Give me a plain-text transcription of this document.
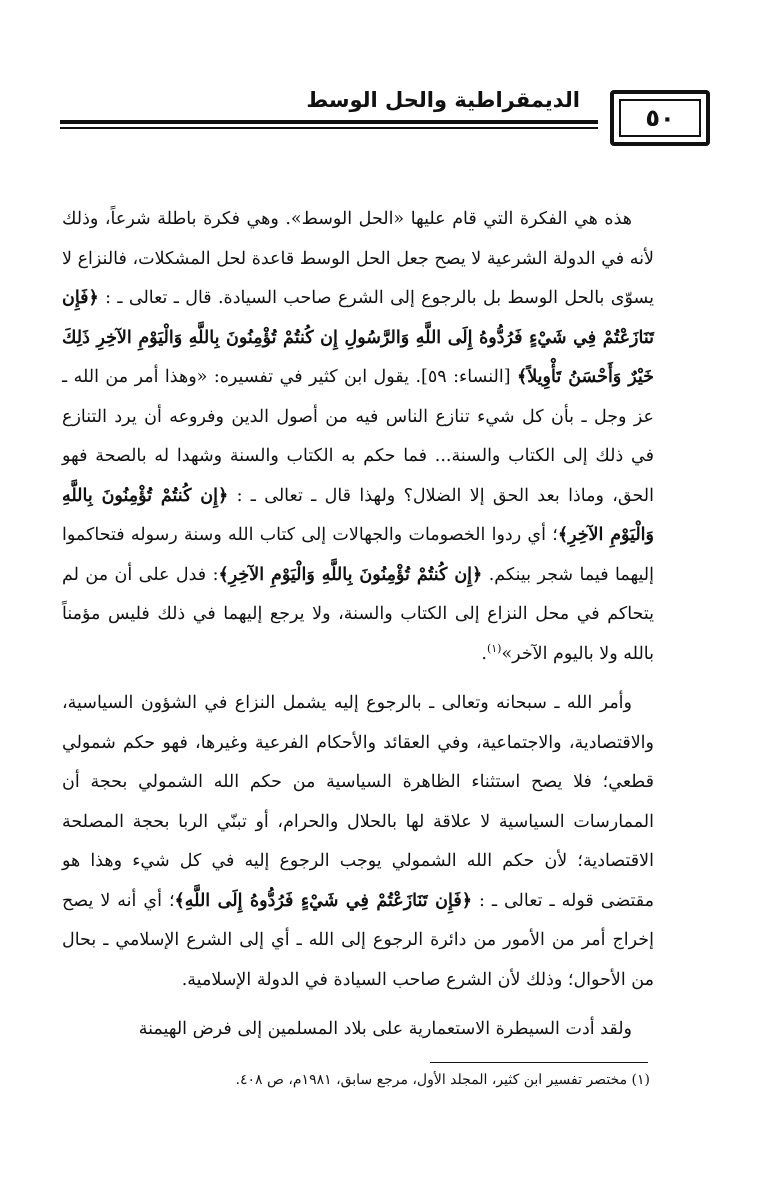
الديمقراطية والحل الوسط
٥٠

هذه هي الفكرة التي قام عليها «الحل الوسط». وهي فكرة باطلة شرعاً، وذلك لأنه في الدولة الشرعية لا يصح جعل الحل الوسط قاعدة لحل المشكلات، فالنزاع لا يسوّى بالحل الوسط بل بالرجوع إلى الشرع صاحب السيادة. قال ـ تعالى ـ : ﴿فَإِن تَنَازَعْتُمْ فِي شَيْءٍ فَرُدُّوهُ إِلَى اللَّهِ وَالرَّسُولِ إِن كُنتُمْ تُؤْمِنُونَ بِاللَّهِ وَالْيَوْمِ الآخِرِ ذَلِكَ خَيْرٌ وَأَحْسَنُ تَأْوِيلاً﴾ [النساء: ٥٩]. يقول ابن كثير في تفسيره: «وهذا أمر من الله ـ عز وجل ـ بأن كل شيء تنازع الناس فيه من أصول الدين وفروعه أن يرد التنازع في ذلك إلى الكتاب والسنة... فما حكم به الكتاب والسنة وشهدا له بالصحة فهو الحق، وماذا بعد الحق إلا الضلال؟ ولهذا قال ـ تعالى ـ : ﴿إِن كُنتُمْ تُؤْمِنُونَ بِاللَّهِ وَالْيَوْمِ الآخِرِ﴾؛ أي ردوا الخصومات والجهالات إلى كتاب الله وسنة رسوله فتحاكموا إليهما فيما شجر بينكم. ﴿إِن كُنتُمْ تُؤْمِنُونَ بِاللَّهِ وَالْيَوْمِ الآخِرِ﴾: فدل على أن من لم يتحاكم في محل النزاع إلى الكتاب والسنة، ولا يرجع إليهما في ذلك فليس مؤمناً بالله ولا باليوم الآخر»$^{(١)}$.

وأمر الله ـ سبحانه وتعالى ـ بالرجوع إليه يشمل النزاع في الشؤون السياسية، والاقتصادية، والاجتماعية، وفي العقائد والأحكام الفرعية وغيرها، فهو حكم شمولي قطعي؛ فلا يصح استثناء الظاهرة السياسية من حكم الله الشمولي بحجة أن الممارسات السياسية لا علاقة لها بالحلال والحرام، أو تبنّي الربا بحجة المصلحة الاقتصادية؛ لأن حكم الله الشمولي يوجب الرجوع إليه في كل شيء وهذا هو مقتضى قوله ـ تعالى ـ : ﴿فَإِن تَنَازَعْتُمْ فِي شَيْءٍ فَرُدُّوهُ إِلَى اللَّهِ﴾؛ أي أنه لا يصح إخراج أمر من الأمور من دائرة الرجوع إلى الله ـ أي إلى الشرع الإسلامي ـ بحال من الأحوال؛ وذلك لأن الشرع صاحب السيادة في الدولة الإسلامية.

ولقد أدت السيطرة الاستعمارية على بلاد المسلمين إلى فرض الهيمنة

(١) مختصر تفسير ابن كثير، المجلد الأول، مرجع سابق، ١٩٨١م، ص ٤٠٨.
